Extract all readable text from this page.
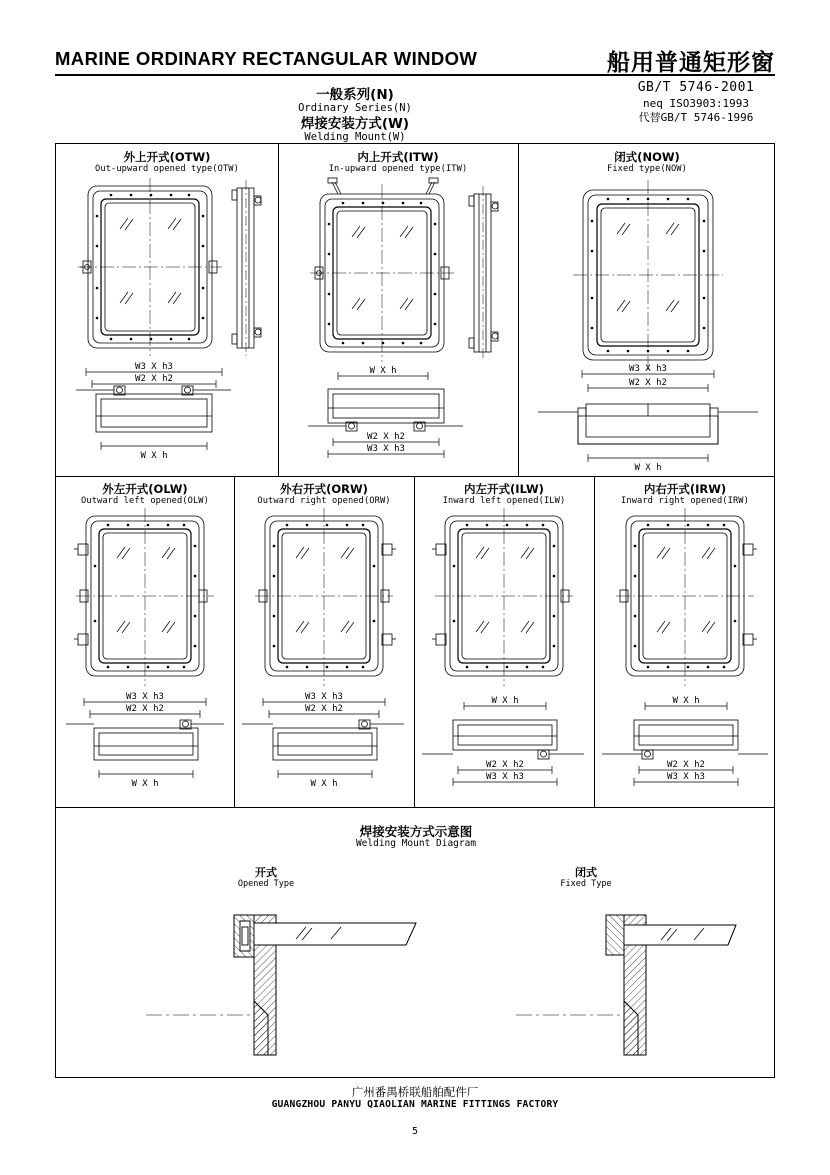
MARINE ORDINARY RECTANGULAR WINDOW	船用普通矩形窗
GB/T 5746-2001
neq ISO3903:1993
代替GB/T 5746-1996
一般系列(N)
Ordinary Series(N)
焊接安装方式(W)
Welding Mount(W)
外上开式(OTW)
Out-upward opened type(OTW)
W3 X h3
W2 X h2
W X h
内上开式(ITW)
In-upward opened type(ITW)
W X h
W2 X h2
W3 X h3
闭式(NOW)
Fixed type(NOW)
W3 X h3
W2 X h2
W X h
外左开式(OLW)
Outward left opened(OLW)
W3 X h3
W2 X h2
W X h
外右开式(ORW)
Outward right opened(ORW)
W3 X h3
W2 X h2
W X h
内左开式(ILW)
Inward left opened(ILW)
W X h
W2 X h2
W3 X h3
内右开式(IRW)
Inward right opened(IRW)
W X h
W2 X h2
W3 X h3
焊接安装方式示意图
Welding Mount Diagram
开式
Opened Type
闭式
Fixed Type
广州番禺桥联船舶配件厂
GUANGZHOU PANYU QIAOLIAN MARINE FITTINGS FACTORY
5
